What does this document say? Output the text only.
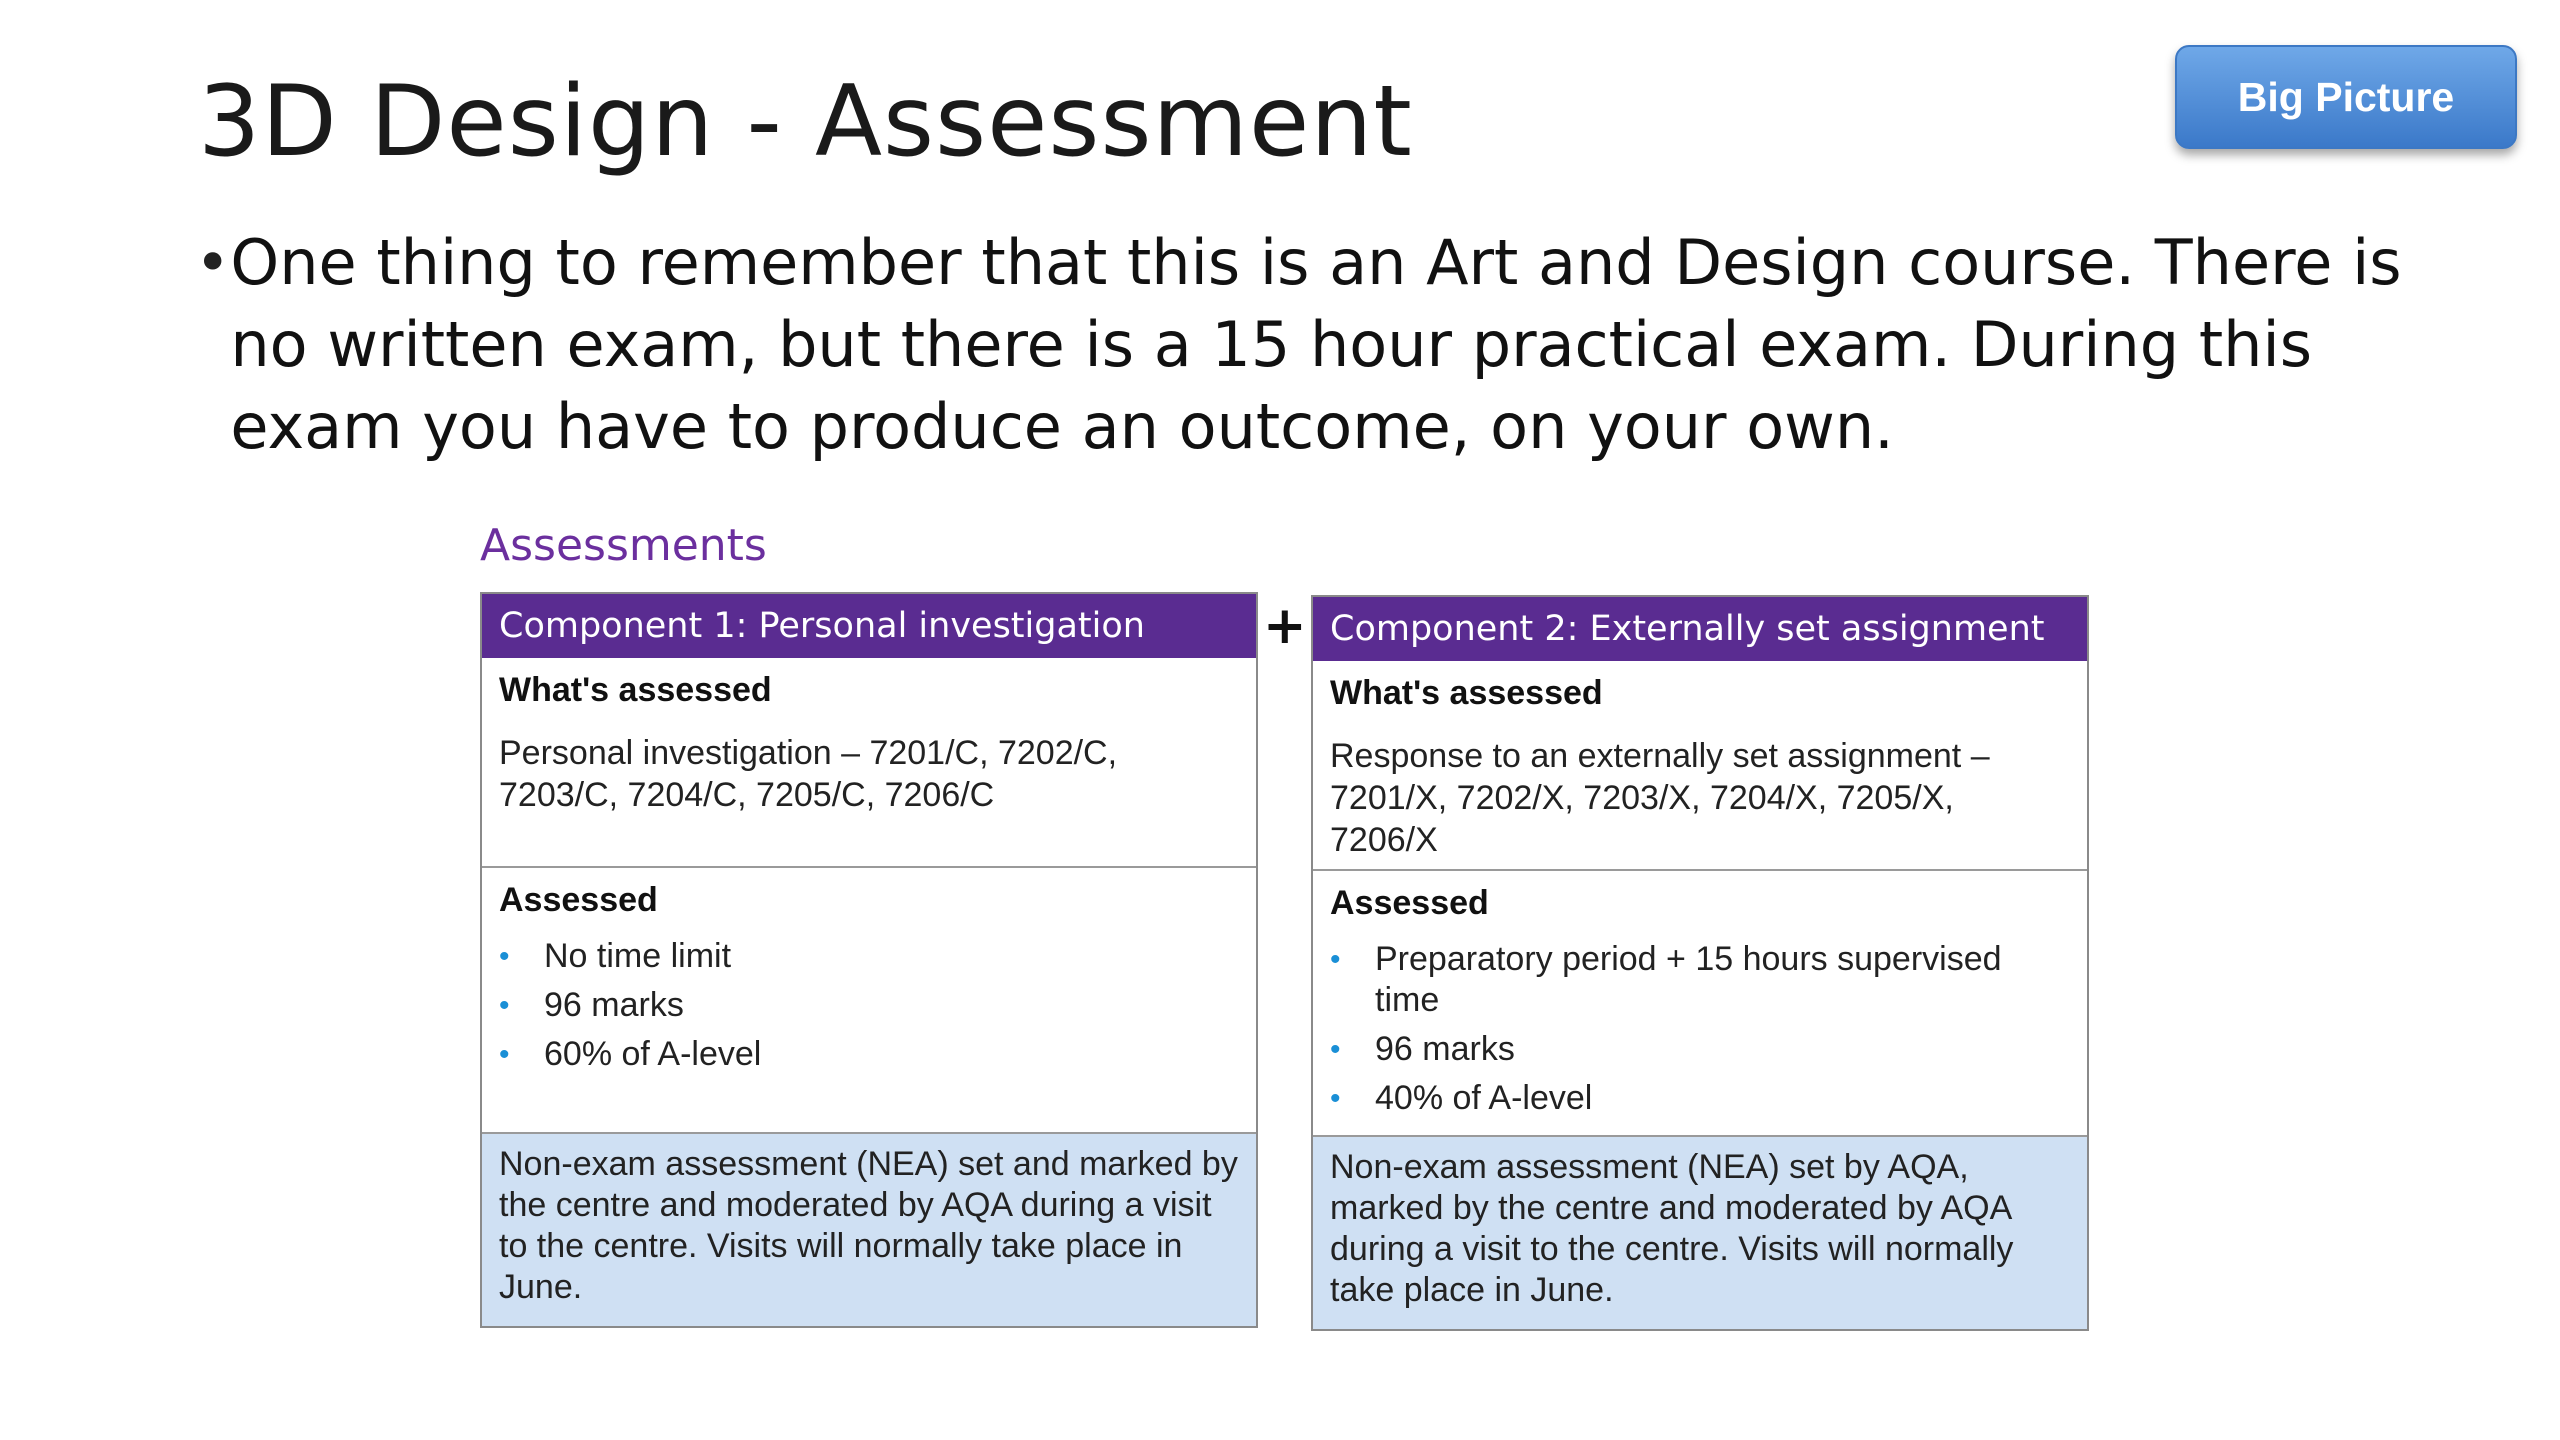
3D Design - Assessment	Big Picture
• One thing to remember that this is an Art and Design course. There is no written exam, but there is a 15 hour practical exam. During this exam you have to produce an outcome, on your own.
Assessments
+
Component 1: Personal investigation
What's assessed
Personal investigation – 7201/C, 7202/C, 7203/C, 7204/C, 7205/C, 7206/C
Assessed
•	No time limit
•	96 marks
•	60% of A-level
Non-exam assessment (NEA) set and marked by the centre and moderated by AQA during a visit to the centre. Visits will normally take place in June.
Component 2: Externally set assignment
What's assessed
Response to an externally set assignment – 7201/X, 7202/X, 7203/X, 7204/X, 7205/X, 7206/X
Assessed
•	Preparatory period + 15 hours supervised time
•	96 marks
•	40% of A-level
Non-exam assessment (NEA) set by AQA, marked by the centre and moderated by AQA during a visit to the centre. Visits will normally take place in June.
